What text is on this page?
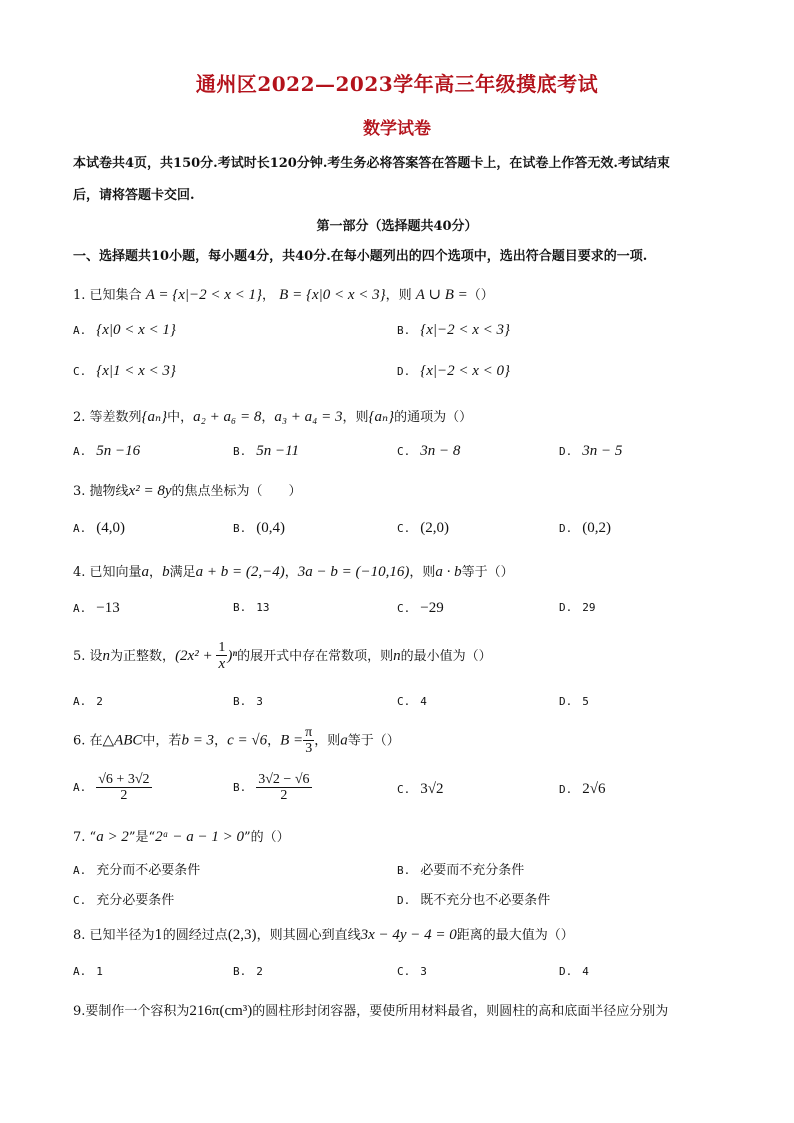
通州区2022—2023学年高三年级摸底考试
数学试卷
本试卷共4页，共150分.考试时长120分钟.考生务必将答案答在答题卡上，在试卷上作答无效.考试结束
后，请将答题卡交回.
第一部分（选择题共40分）
一、选择题共10小题，每小题4分，共40分.在每小题列出的四个选项中，选出符合题目要求的一项.
1. 已知集合 A = {x|−2 < x < 1}， B = {x|0 < x < 3}，则 A ∪ B =（）
A. {x|0 < x < 1}	B. {x|−2 < x < 3}
C. {x|1 < x < 3}	D. {x|−2 < x < 0}
2. 等差数列{aₙ}中，a₂ + a₆ = 8，a₃ + a₄ = 3，则{aₙ}的通项为（）
A. 5n −16	B. 5n −11	C. 3n − 8	D. 3n − 5
3. 抛物线x² = 8y的焦点坐标为（　　）
A. (4,0)	B. (0,4)	C. (2,0)	D. (0,2)
4. 已知向量a，b满足a + b = (2,−4)，3a − b = (−10,16)，则a · b等于（）
A. −13	B. 13	C. −29	D. 29
5. 设n为正整数，$(2x^2 + \frac{1}{x} )^n$的展开式中存在常数项，则n的最小值为（）
A. 2	B. 3	C. 4	D. 5
6. 在△ABC中，若b = 3，c = √6，$B = \frac{\pi}{3}$ ，则a等于（）
A. $\frac{√6 + 3√2}{2}$	B. $\frac{3√2 - √6}{2}$	C. 3√2	D. 2√6
7. “a > 2”是“2ᵃ − a − 1 > 0”的（）
A. 充分而不必要条件	B. 必要而不充分条件
C. 充分必要条件	D. 既不充分也不必要条件
8. 已知半径为1的圆经过点(2,3)，则其圆心到直线3x − 4y − 4 = 0距离的最大值为（）
A. 1	B. 2	C. 3	D. 4
9.要制作一个容积为216π(cm³)的圆柱形封闭容器，要使所用材料最省，则圆柱的高和底面半径应分别为
